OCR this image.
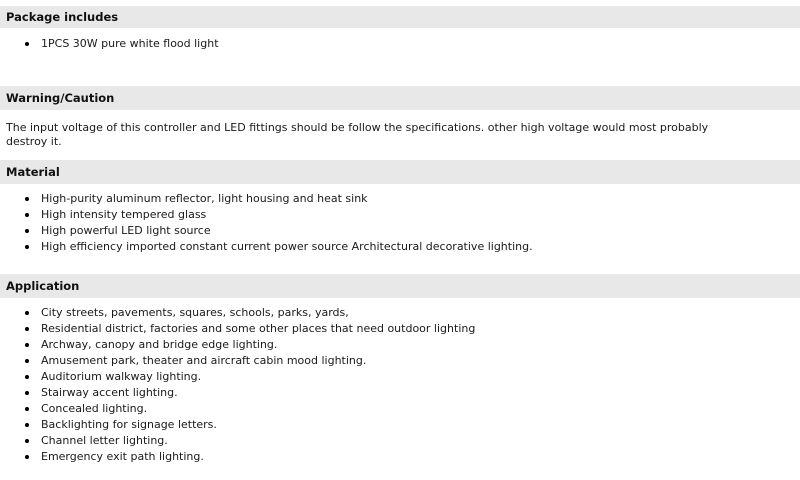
Package includes
1PCS 30W pure white flood light
Warning/Caution
The input voltage of this controller and LED fittings should be follow the specifications. other high voltage would most probably
destroy it.
Material
High-purity aluminum reflector, light housing and heat sink
High intensity tempered glass
High powerful LED light source
High efficiency imported constant current power source Architectural decorative lighting.
Application
City streets, pavements, squares, schools, parks, yards,
Residential district, factories and some other places that need outdoor lighting
Archway, canopy and bridge edge lighting.
Amusement park, theater and aircraft cabin mood lighting.
Auditorium walkway lighting.
Stairway accent lighting.
Concealed lighting.
Backlighting for signage letters.
Channel letter lighting.
Emergency exit path lighting.
